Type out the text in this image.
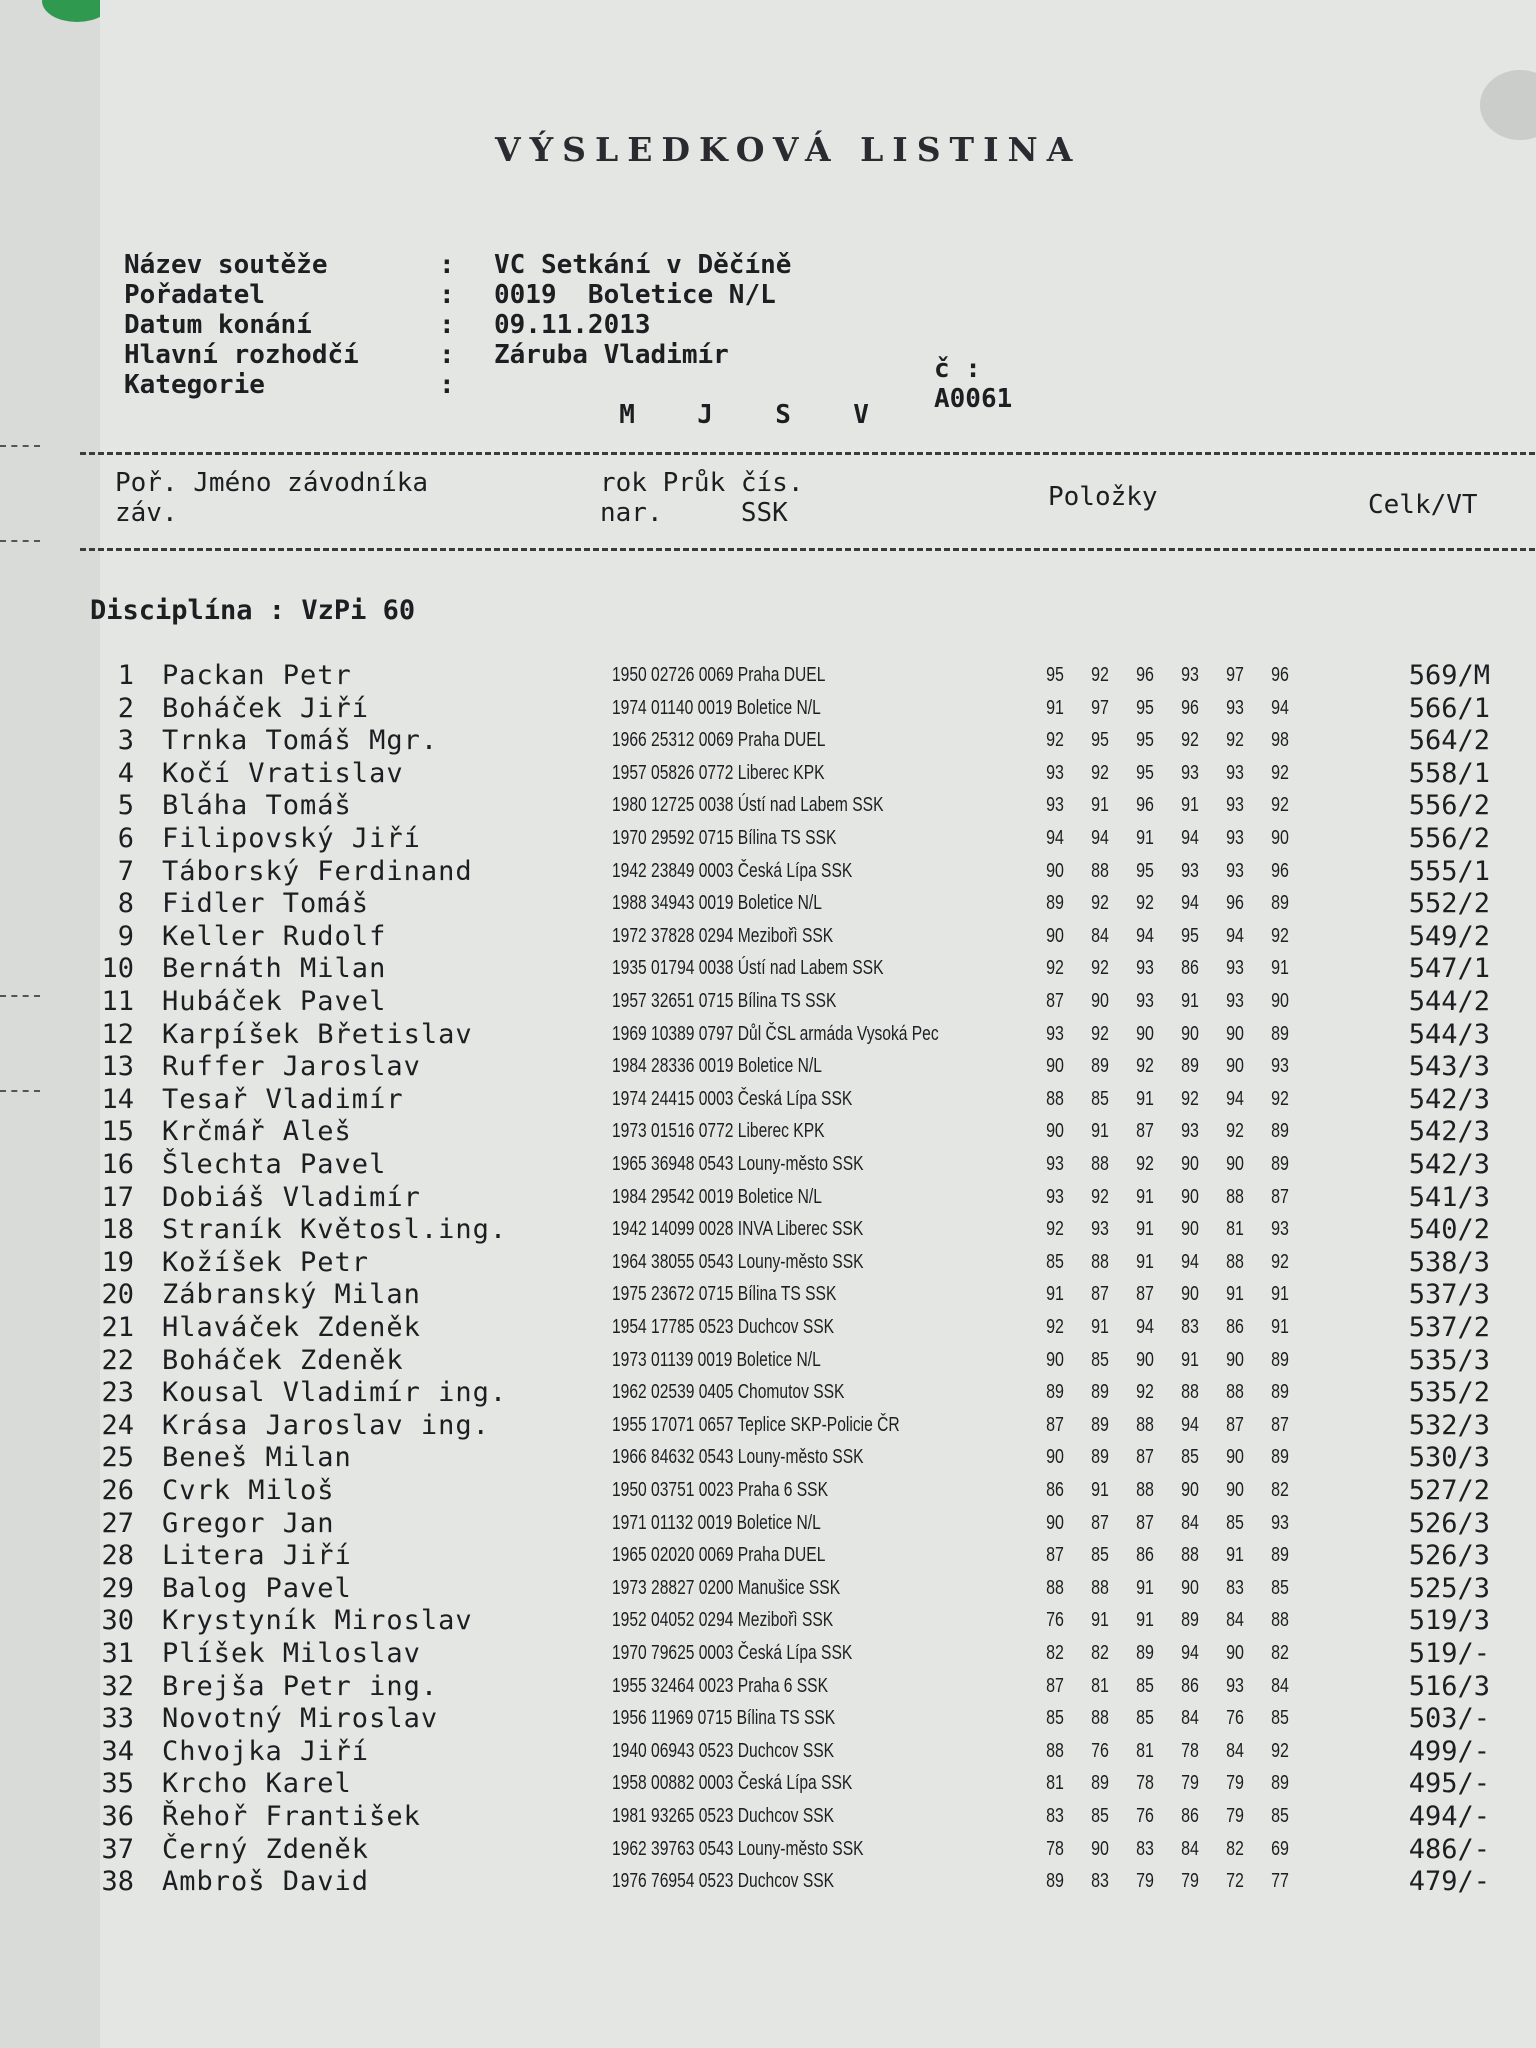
VÝSLEDKOVÁ LISTINA
Název soutěže	:	VC Setkání v Děčíně
Pořadatel	:	0019  Boletice N/L
Datum konání	:	09.11.2013
Hlavní rozhodčí	:	Záruba Vladimír
Kategorie	:

M J S V

č : A0061
Poř. Jméno závodníka
záv.
rok Průk čís.
nar.     SSK
Položky	Celk/VT
Disciplína : VzPi 60
1 Packan Petr	1950 02726 0069 Praha DUEL	95 92 96 93 97 96	569/M
2 Boháček Jiří	1974 01140 0019 Boletice N/L	91 97 95 96 93 94	566/1
3 Trnka Tomáš Mgr.	1966 25312 0069 Praha DUEL	92 95 95 92 92 98	564/2
4 Kočí Vratislav	1957 05826 0772 Liberec KPK	93 92 95 93 93 92	558/1
5 Bláha Tomáš	1980 12725 0038 Ústí nad Labem SSK	93 91 96 91 93 92	556/2
6 Filipovský Jiří	1970 29592 0715 Bílina TS SSK	94 94 91 94 93 90	556/2
7 Táborský Ferdinand	1942 23849 0003 Česká Lípa SSK	90 88 95 93 93 96	555/1
8 Fidler Tomáš	1988 34943 0019 Boletice N/L	89 92 92 94 96 89	552/2
9 Keller Rudolf	1972 37828 0294 Mezibořì SSK	90 84 94 95 94 92	549/2
10 Bernáth Milan	1935 01794 0038 Ústí nad Labem SSK	92 92 93 86 93 91	547/1
11 Hubáček Pavel	1957 32651 0715 Bílina TS SSK	87 90 93 91 93 90	544/2
12 Karpíšek Břetislav	1969 10389 0797 Důl ČSL armáda Vysoká Pec	93 92 90 90 90 89	544/3
13 Ruffer Jaroslav	1984 28336 0019 Boletice N/L	90 89 92 89 90 93	543/3
14 Tesař Vladimír	1974 24415 0003 Česká Lípa SSK	88 85 91 92 94 92	542/3
15 Krčmář Aleš	1973 01516 0772 Liberec KPK	90 91 87 93 92 89	542/3
16 Šlechta Pavel	1965 36948 0543 Louny-město SSK	93 88 92 90 90 89	542/3
17 Dobiáš Vladimír	1984 29542 0019 Boletice N/L	93 92 91 90 88 87	541/3
18 Straník Květosl.ing.	1942 14099 0028 INVA Liberec SSK	92 93 91 90 81 93	540/2
19 Kožíšek Petr	1964 38055 0543 Louny-město SSK	85 88 91 94 88 92	538/3
20 Zábranský Milan	1975 23672 0715 Bílina TS SSK	91 87 87 90 91 91	537/3
21 Hlaváček Zdeněk	1954 17785 0523 Duchcov SSK	92 91 94 83 86 91	537/2
22 Boháček Zdeněk	1973 01139 0019 Boletice N/L	90 85 90 91 90 89	535/3
23 Kousal Vladimír ing.	1962 02539 0405 Chomutov SSK	89 89 92 88 88 89	535/2
24 Krása Jaroslav ing.	1955 17071 0657 Teplice SKP-Policie ČR	87 89 88 94 87 87	532/3
25 Beneš Milan	1966 84632 0543 Louny-město SSK	90 89 87 85 90 89	530/3
26 Cvrk Miloš	1950 03751 0023 Praha 6 SSK	86 91 88 90 90 82	527/2
27 Gregor Jan	1971 01132 0019 Boletice N/L	90 87 87 84 85 93	526/3
28 Litera Jiří	1965 02020 0069 Praha DUEL	87 85 86 88 91 89	526/3
29 Balog Pavel	1973 28827 0200 Manušice SSK	88 88 91 90 83 85	525/3
30 Krystyník Miroslav	1952 04052 0294 Mezibořì SSK	76 91 91 89 84 88	519/3
31 Plíšek Miloslav	1970 79625 0003 Česká Lípa SSK	82 82 89 94 90 82	519/-
32 Brejša Petr ing.	1955 32464 0023 Praha 6 SSK	87 81 85 86 93 84	516/3
33 Novotný Miroslav	1956 11969 0715 Bílina TS SSK	85 88 85 84 76 85	503/-
34 Chvojka Jiří	1940 06943 0523 Duchcov SSK	88 76 81 78 84 92	499/-
35 Krcho Karel	1958 00882 0003 Česká Lípa SSK	81 89 78 79 79 89	495/-
36 Řehoř František	1981 93265 0523 Duchcov SSK	83 85 76 86 79 85	494/-
37 Černý Zdeněk	1962 39763 0543 Louny-město SSK	78 90 83 84 82 69	486/-
38 Ambroš David	1976 76954 0523 Duchcov SSK	89 83 79 79 72 77	479/-
